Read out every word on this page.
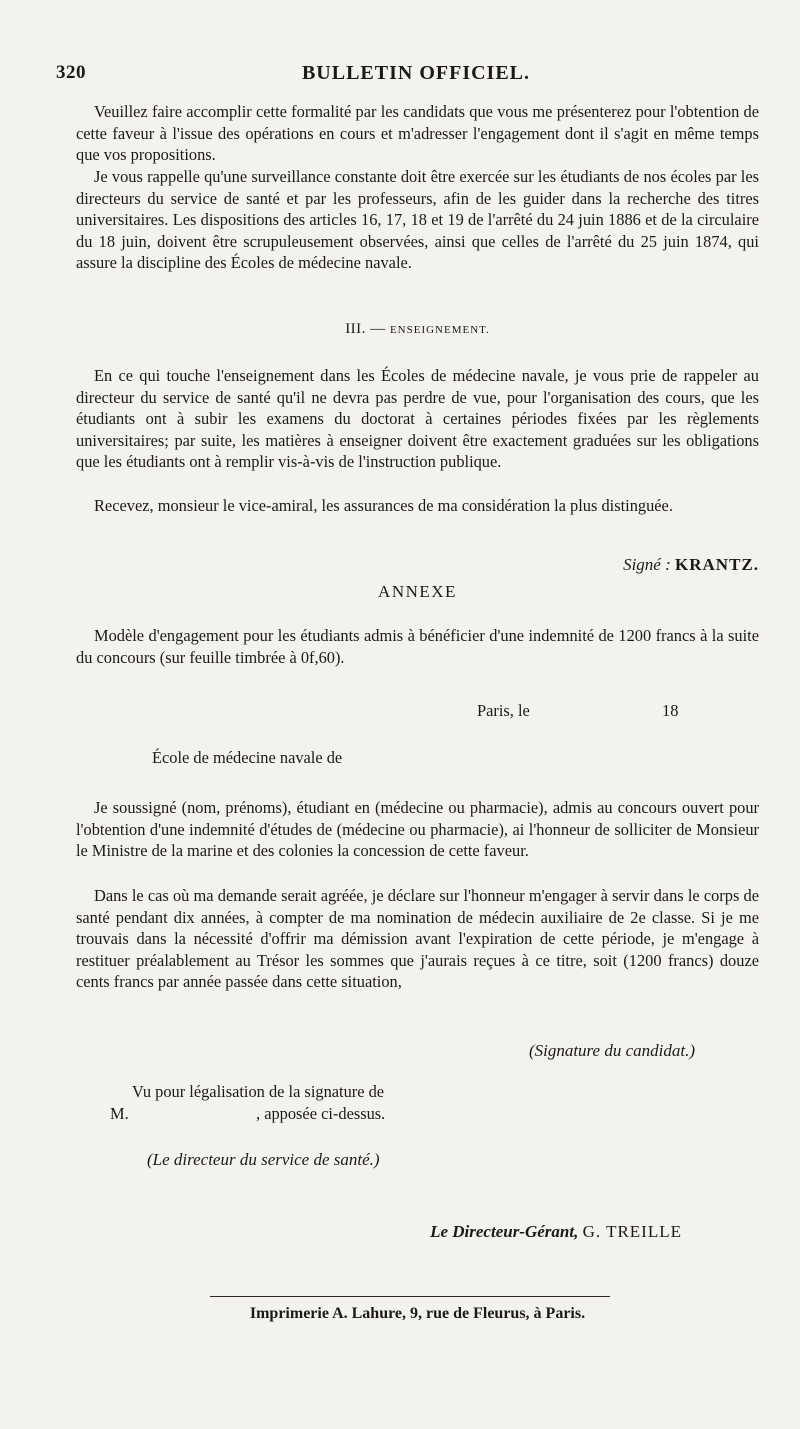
320	BULLETIN OFFICIEL.

Veuillez faire accomplir cette formalité par les candidats que vous me présenterez pour l'obtention de cette faveur à l'issue des opérations en cours et m'adresser l'engagement dont il s'agit en même temps que vos propositions.

Je vous rappelle qu'une surveillance constante doit être exercée sur les étudiants de nos écoles par les directeurs du service de santé et par les professeurs, afin de les guider dans la recherche des titres universitaires. Les dispositions des articles 16, 17, 18 et 19 de l'arrêté du 24 juin 1886 et de la circulaire du 18 juin, doivent être scrupuleusement observées, ainsi que celles de l'arrêté du 25 juin 1874, qui assure la discipline des Écoles de médecine navale.

III. — ENSEIGNEMENT.

En ce qui touche l'enseignement dans les Écoles de médecine navale, je vous prie de rappeler au directeur du service de santé qu'il ne devra pas perdre de vue, pour l'organisation des cours, que les étudiants ont à subir les examens du doctorat à certaines périodes fixées par les règlements universitaires; par suite, les matières à enseigner doivent être exactement graduées sur les obligations que les étudiants ont à remplir vis-à-vis de l'instruction publique.

Recevez, monsieur le vice-amiral, les assurances de ma considération la plus distinguée.

Signé : KRANTZ.
ANNEXE

Modèle d'engagement pour les étudiants admis à bénéficier d'une indemnité de 1200 francs à la suite du concours (sur feuille timbrée à 0f,60).

Paris, le	18
École de médecine navale de

Je soussigné (nom, prénoms), étudiant en (médecine ou pharmacie), admis au concours ouvert pour l'obtention d'une indemnité d'études de (médecine ou pharmacie), ai l'honneur de solliciter de Monsieur le Ministre de la marine et des colonies la concession de cette faveur.

Dans le cas où ma demande serait agréée, je déclare sur l'honneur m'engager à servir dans le corps de santé pendant dix années, à compter de ma nomination de médecin auxiliaire de 2e classe. Si je me trouvais dans la nécessité d'offrir ma démission avant l'expiration de cette période, je m'engage à restituer préalablement au Trésor les sommes que j'aurais reçues à ce titre, soit (1200 francs) douze cents francs par année passée dans cette situation,

(Signature du candidat.)
Vu pour légalisation de la signature de
M.	, apposée ci-dessus.
(Le directeur du service de santé.)
Le Directeur-Gérant, G. TREILLE
Imprimerie A. Lahure, 9, rue de Fleurus, à Paris.
